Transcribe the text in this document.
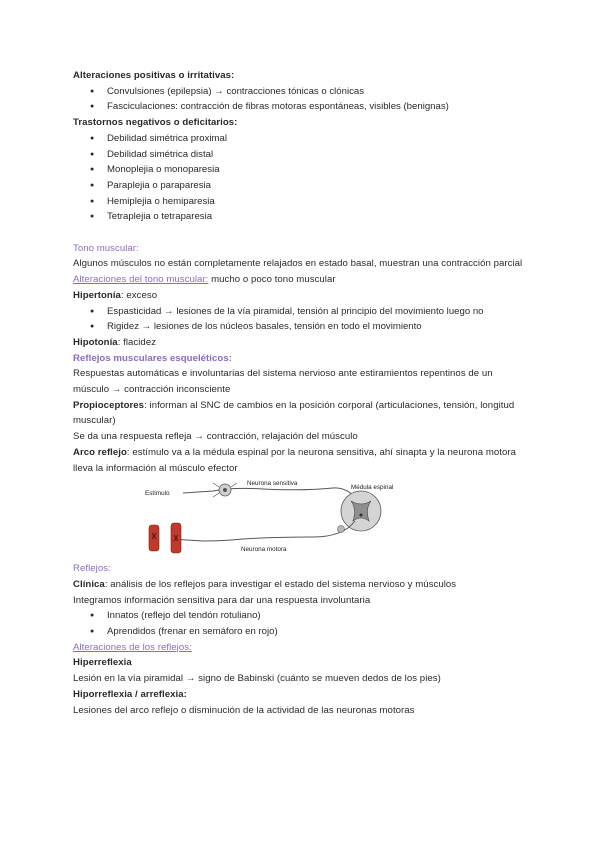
Alteraciones positivas o irritativas:
● Convulsiones (epilepsia) → contracciones tónicas o clónicas
● Fasciculaciones: contracción de fibras motoras espontáneas, visibles (benignas)
Trastornos negativos o deficitarios:
● Debilidad simétrica proximal
● Debilidad simétrica distal
● Monoplejia o monoparesia
● Paraplejia o paraparesia
● Hemiplejia o hemiparesia
● Tetraplejia o tetraparesia
Tono muscular:
Algunos músculos no están completamente relajados en estado basal, muestran una contracción parcial
Alteraciones del tono muscular: mucho o poco tono muscular
Hipertonía: exceso
● Espasticidad → lesiones de la vía piramidal, tensión al principio del movimiento luego no
● Rigidez → lesiones de los núcleos basales, tensión en todo el movimiento
Hipotonía: flacidez
Reflejos musculares esqueléticos:
Respuestas automáticas e involuntarias del sistema nervioso ante estiramientos repentinos de un músculo → contracción inconsciente
Propioceptores: informan al SNC de cambios en la posición corporal (articulaciones, tensión, longitud muscular)
Se da una respuesta refleja → contracción, relajación del músculo
Arco reflejo: estímulo va a la médula espinal por la neurona sensitiva, ahí sinapta y la neurona motora lleva la información al músculo efector
Estímulo
Neurona sensitiva
Médula espinal
Neurona motora
Reflejos:
Clínica: análisis de los reflejos para investigar el estado del sistema nervioso y músculos
Integramos información sensitiva para dar una respuesta involuntaria
● Innatos (reflejo del tendón rotuliano)
● Aprendidos (frenar en semáforo en rojo)
Alteraciones de los reflejos:
Hiperreflexia
Lesión en la vía piramidal → signo de Babinski (cuánto se mueven dedos de los pies)
Hiporreflexia / arreflexia:
Lesiones del arco reflejo o disminución de la actividad de las neuronas motoras
